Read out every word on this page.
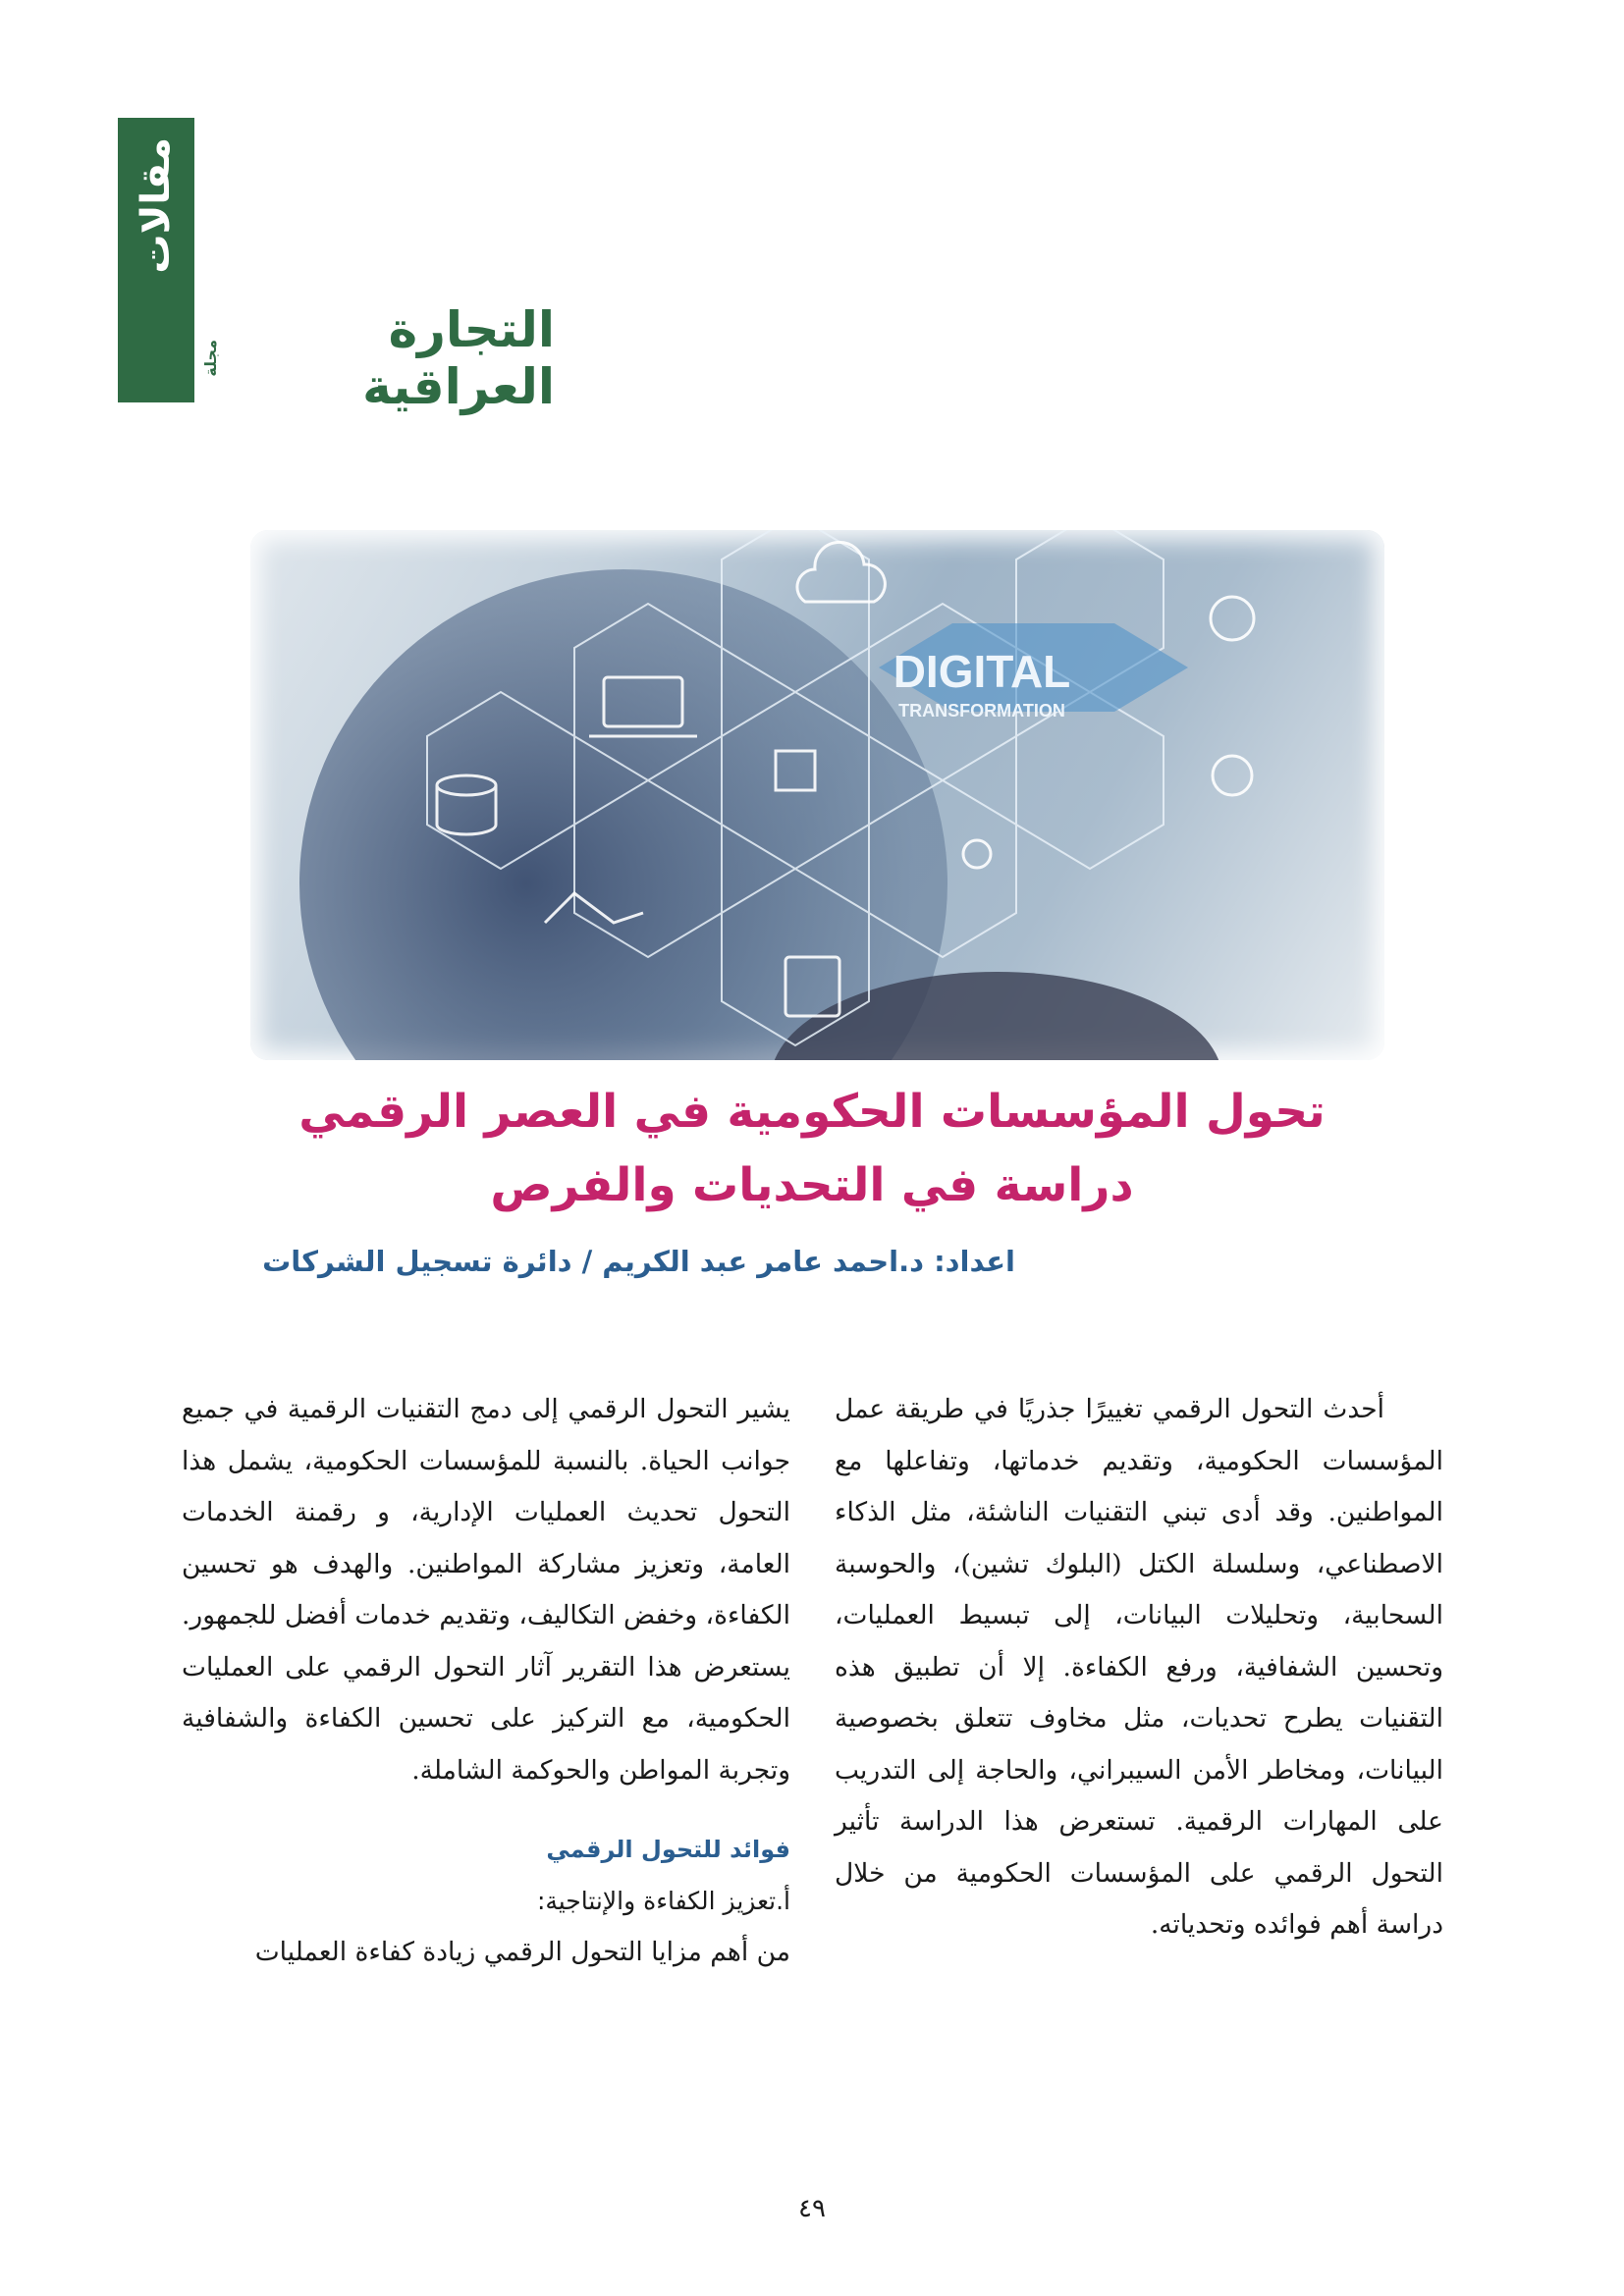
مقالات
التجارة العراقية
مجلة
DIGITAL
TRANSFORMATION
تحول المؤسسات الحكومية في العصر الرقمي
دراسة في التحديات والفرص
اعداد: د.احمد عامر عبد الكريم / دائرة تسجيل الشركات

أحدث التحول الرقمي تغييرًا جذريًا في طريقة عمل المؤسسات الحكومية، وتقديم خدماتها، وتفاعلها مع المواطنين. وقد أدى تبني التقنيات الناشئة، مثل الذكاء الاصطناعي، وسلسلة الكتل (البلوك تشين)، والحوسبة السحابية، وتحليلات البيانات، إلى تبسيط العمليات، وتحسين الشفافية، ورفع الكفاءة. إلا أن تطبيق هذه التقنيات يطرح تحديات، مثل مخاوف تتعلق بخصوصية البيانات، ومخاطر الأمن السيبراني، والحاجة إلى التدريب على المهارات الرقمية. تستعرض هذا الدراسة تأثير التحول الرقمي على المؤسسات الحكومية من خلال دراسة أهم فوائده وتحدياته.

يشير التحول الرقمي إلى دمج التقنيات الرقمية في جميع جوانب الحياة. بالنسبة للمؤسسات الحكومية، يشمل هذا التحول تحديث العمليات الإدارية، و رقمنة الخدمات العامة، وتعزيز مشاركة المواطنين. والهدف هو تحسين الكفاءة، وخفض التكاليف، وتقديم خدمات أفضل للجمهور. يستعرض هذا التقرير آثار التحول الرقمي على العمليات الحكومية، مع التركيز على تحسين الكفاءة والشفافية وتجربة المواطن والحوكمة الشاملة.

فوائد للتحول الرقمي

أ.تعزيز الكفاءة والإنتاجية:

من أهم مزايا التحول الرقمي زيادة كفاءة العمليات

٤٩
